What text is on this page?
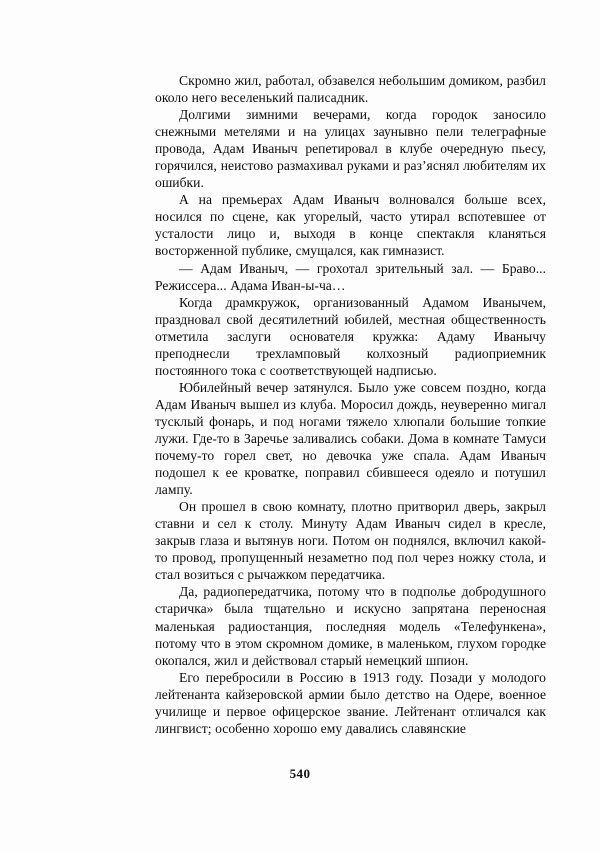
Скромно жил, работал, обзавелся небольшим домиком, разбил около него веселенький палисадник.

Долгими зимними вечерами, когда городок заносило снежными метелями и на улицах заунывно пели телеграфные провода, Адам Иваныч репетировал в клубе очередную пьесу, горячился, неистово размахивал руками и раз’яснял любителям их ошибки.

А на премьерах Адам Иваныч волновался больше всех, носился по сцене, как угорелый, часто утирал вспотевшее от усталости лицо и, выходя в конце спектакля кланяться восторженной публике, смущался, как гимназист.

— Адам Иваныч, — грохотал зрительный зал. — Браво... Режиссера... Адама Иван-ы-ча…

Когда драмкружок, организованный Адамом Иванычем, праздновал свой десятилетний юбилей, местная общественность отметила заслуги основателя кружка: Адаму Иванычу преподнесли трехламповый колхозный радиоприемник постоянного тока с соответствующей надписью.

Юбилейный вечер затянулся. Было уже совсем поздно, когда Адам Иваныч вышел из клуба. Моросил дождь, неуверенно мигал тусклый фонарь, и под ногами тяжело хлюпали большие топкие лужи. Где-то в Заречье заливались собаки. Дома в комнате Тамуси почему-то горел свет, но девочка уже спала. Адам Иваныч подошел к ее кроватке, поправил сбившееся одеяло и потушил лампу.

Он прошел в свою комнату, плотно притворил дверь, закрыл ставни и сел к столу. Минуту Адам Иваныч сидел в кресле, закрыв глаза и вытянув ноги. Потом он поднялся, включил какой-то провод, пропущенный незаметно под пол через ножку стола, и стал возиться с рычажком передатчика.

Да, радиопередатчика, потому что в подполье добродушного старичка» была тщательно и искусно запрятана переносная маленькая радиостанция, последняя модель «Телефункена», потому что в этом скромном домике, в маленьком, глухом городке окопался, жил и действовал старый немецкий шпион.

Его перебросили в Россию в 1913 году. Позади у молодого лейтенанта кайзеровской армии было детство на Одере, военное училище и первое офицерское звание. Лейтенант отличался как лингвист; особенно хорошо ему давались славянские

540
